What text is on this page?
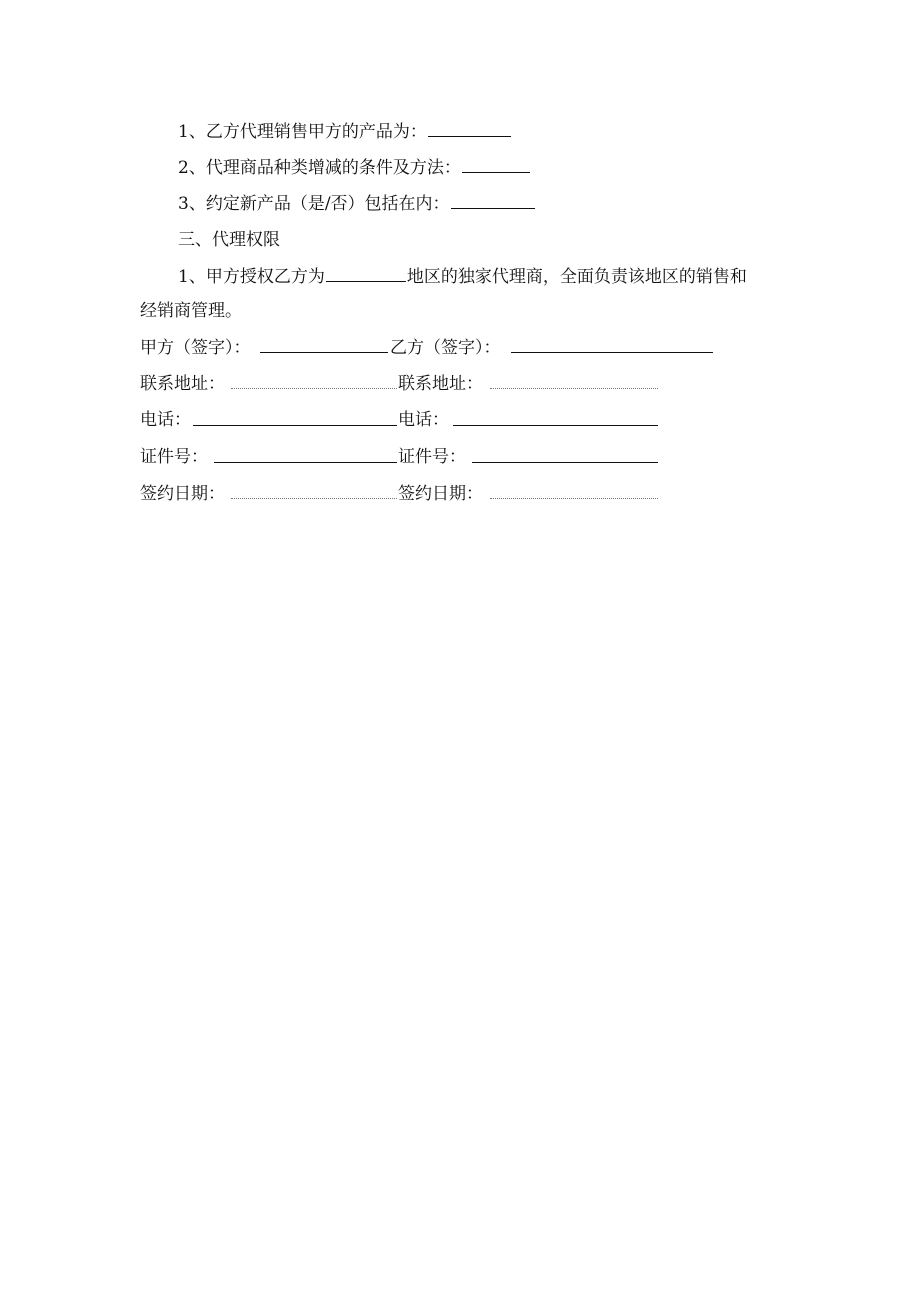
1、乙方代理销售甲方的产品为：
2、代理商品种类增减的条件及方法：
3、约定新产品（是/否）包括在内：
三、代理权限
1、甲方授权乙方为	地区的独家代理商，全面负责该地区的销售和
经销商管理。
甲方（签字）：	乙方（签字）：
联系地址：	联系地址：
电话：	电话：
证件号：	证件号：
签约日期：	签约日期：
